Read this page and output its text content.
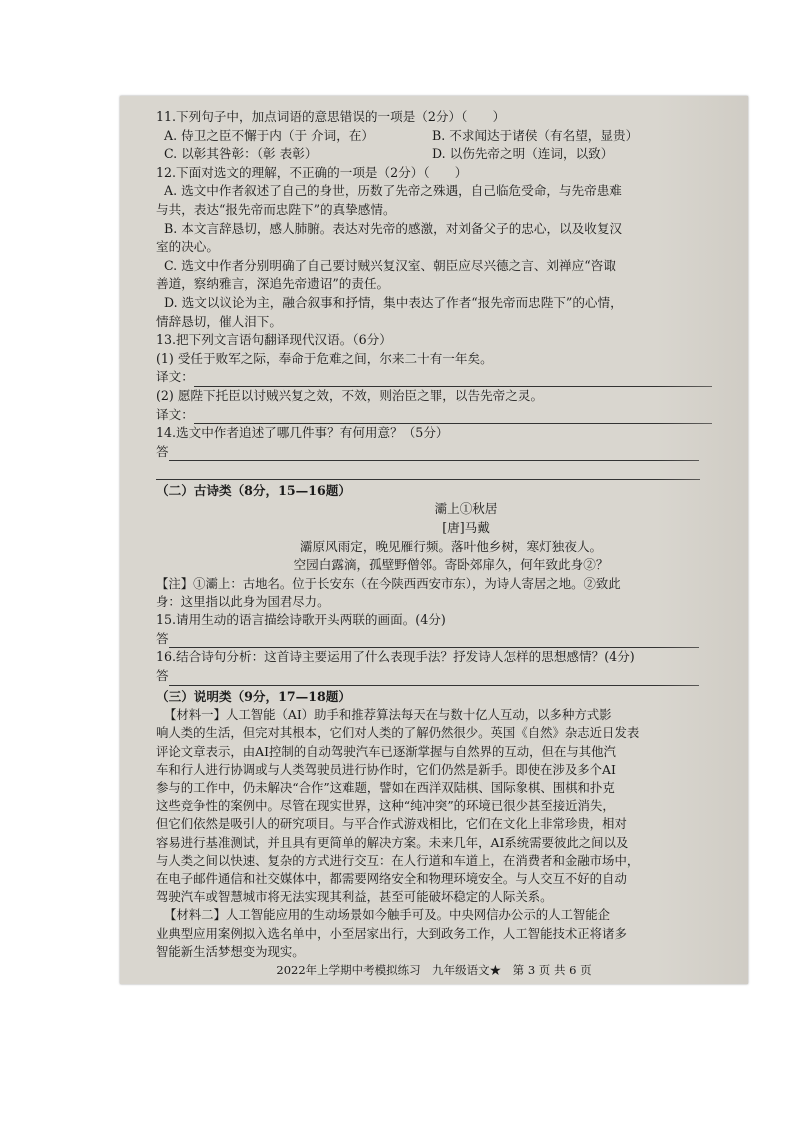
11.下列句子中，加点词语的意思错误的一项是（2分）（　　）
A. 侍卫之臣不懈于内（于 介词，在）	B. 不求闻达于诸侯（有名望，显贵）
C. 以彰其咎彰：（彰 表彰）	D. 以伤先帝之明（连词，以致）
12.下面对选文的理解，不正确的一项是（2分）（　　）
A. 选文中作者叙述了自己的身世，历数了先帝之殊遇，自己临危受命，与先帝患难
与共，表达“报先帝而忠陛下”的真挚感情。
B. 本文言辞恳切，感人肺腑。表达对先帝的感激，对刘备父子的忠心，以及收复汉
室的决心。
C. 选文中作者分别明确了自己要讨贼兴复汉室、朝臣应尽兴德之言、刘禅应“咨诹
善道，察纳雅言，深追先帝遗诏”的责任。
D. 选文以议论为主，融合叙事和抒情，集中表达了作者“报先帝而忠陛下”的心情，
情辞恳切，催人泪下。
13.把下列文言语句翻译现代汉语。（6分）
(1) 受任于败军之际，奉命于危难之间，尔来二十有一年矣。
译文：
(2) 愿陛下托臣以讨贼兴复之效，不效，则治臣之罪，以告先帝之灵。
译文：
14.选文中作者追述了哪几件事？有何用意？（5分）
答
（二）古诗类（8分，15—16题）
灞上①秋居
[唐]马戴
灞原风雨定，晚见雁行频。落叶他乡树，寒灯独夜人。
空园白露滴，孤壁野僧邻。寄卧郊扉久，何年致此身②？
【注】①灞上：古地名。位于长安东（在今陕西西安市东），为诗人寄居之地。②致此
身：这里指以此身为国君尽力。
15.请用生动的语言描绘诗歌开头两联的画面。(4分)
答
16.结合诗句分析：这首诗主要运用了什么表现手法？抒发诗人怎样的思想感情？(4分)
答
（三）说明类（9分，17—18题）
【材料一】人工智能（AI）助手和推荐算法每天在与数十亿人互动，以多种方式影
响人类的生活，但完对其根本，它们对人类的了解仍然很少。英国《自然》杂志近日发表
评论文章表示，由AI控制的自动驾驶汽车已逐渐掌握与自然界的互动，但在与其他汽
车和行人进行协调或与人类驾驶员进行协作时，它们仍然是新手。即使在涉及多个AI
参与的工作中，仍未解决“合作”这难题，譬如在西洋双陆棋、国际象棋、围棋和扑克
这些竞争性的案例中。尽管在现实世界，这种“纯冲突”的环境已很少甚至接近消失，
但它们依然是吸引人的研究项目。与平合作式游戏相比，它们在文化上非常珍贵，相对
容易进行基准测试，并且具有更简单的解决方案。未来几年，AI系统需要彼此之间以及
与人类之间以快速、复杂的方式进行交互：在人行道和车道上，在消费者和金融市场中，
在电子邮件通信和社交媒体中，都需要网络安全和物理环境安全。与人交互不好的自动
驾驶汽车或智慧城市将无法实现其利益，甚至可能破坏稳定的人际关系。
【材料二】人工智能应用的生动场景如今触手可及。中央网信办公示的人工智能企
业典型应用案例拟入选名单中，小至居家出行，大到政务工作，人工智能技术正将诸多
智能新生活梦想变为现实。
2022年上学期中考模拟练习　九年级语文★　第 3 页 共 6 页
